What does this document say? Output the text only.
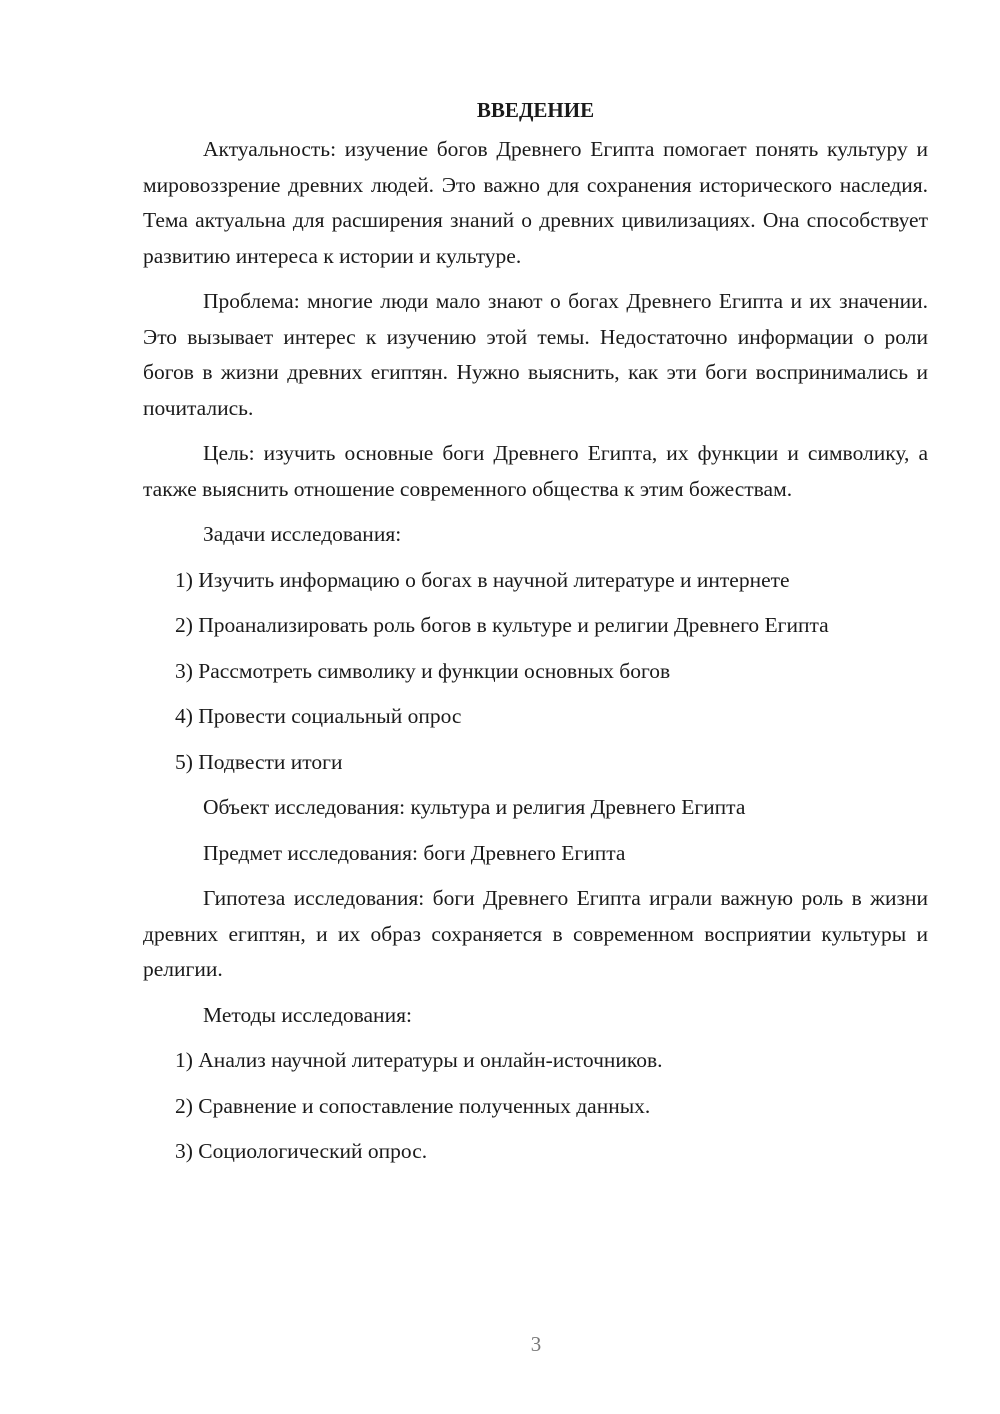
ВВЕДЕНИЕ

Актуальность: изучение богов Древнего Египта помогает понять культуру и мировоззрение древних людей. Это важно для сохранения исторического наследия. Тема актуальна для расширения знаний о древних цивилизациях. Она способствует развитию интереса к истории и культуре.

Проблема: многие люди мало знают о богах Древнего Египта и их значении. Это вызывает интерес к изучению этой темы. Недостаточно информации о роли богов в жизни древних египтян. Нужно выяснить, как эти боги воспринимались и почитались.

Цель: изучить основные боги Древнего Египта, их функции и символику, а также выяснить отношение современного общества к этим божествам.

Задачи исследования:

1) Изучить информацию о богах в научной литературе и интернете

2) Проанализировать роль богов в культуре и религии Древнего Египта

3) Рассмотреть символику и функции основных богов

4) Провести социальный опрос

5) Подвести итоги

Объект исследования: культура и религия Древнего Египта

Предмет исследования: боги Древнего Египта

Гипотеза исследования: боги Древнего Египта играли важную роль в жизни древних египтян, и их образ сохраняется в современном восприятии культуры и религии.

Методы исследования:

1) Анализ научной литературы и онлайн-источников.

2) Сравнение и сопоставление полученных данных.

3) Социологический опрос.

3
